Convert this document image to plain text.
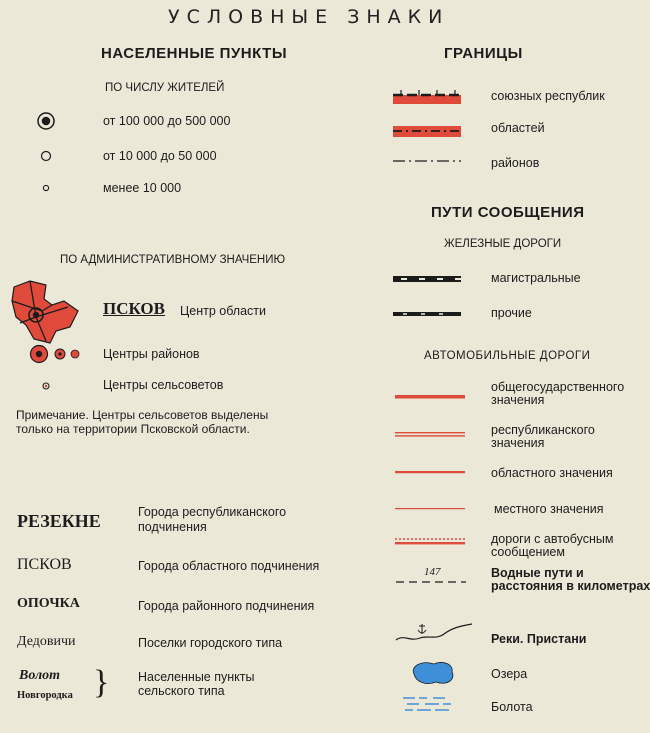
УСЛОВНЫЕ ЗНАКИ
НАСЕЛЕННЫЕ ПУНКТЫ
ПО ЧИСЛУ ЖИТЕЛЕЙ
от 100 000 до 500 000
от 10 000 до 50 000
менее 10 000
ПО АДМИНИСТРАТИВНОМУ ЗНАЧЕНИЮ
ПСКОВ Центр области
Центры районов
Центры сельсоветов
Примечание. Центры сельсоветов выделены только на территории Псковской области.
РЕЗЕКНЕ	Города республиканского подчинения
ПСКОВ	Города областного подчинения
ОПОЧКА	Города районного подчинения
Дедовичи	Поселки городского типа
Волот
Новгородка } Населенные пункты сельского типа
ГРАНИЦЫ
союзных республик
областей
районов
ПУТИ СООБЩЕНИЯ
ЖЕЛЕЗНЫЕ ДОРОГИ
магистральные
прочие
АВТОМОБИЛЬНЫЕ ДОРОГИ
общегосударственного значения
республиканского значения
областного значения
местного значения
дороги с автобусным сообщением
147	Водные пути и расстояния в километрах
Реки. Пристани
Озера
Болота
